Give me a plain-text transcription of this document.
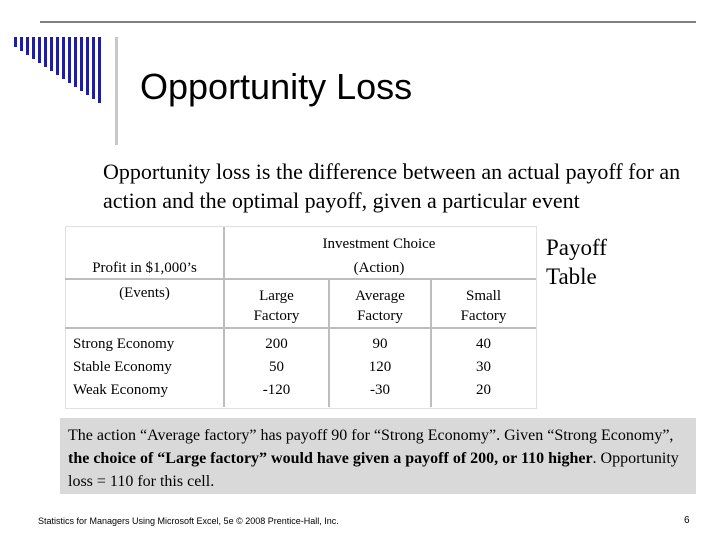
Opportunity Loss
Opportunity loss is the difference between an actual payoff for an action and the optimal payoff, given a particular event
Investment Choice
(Action)
Profit in $1,000’s
(Events)	Large
Factory
Average
Factory
Small
Factory
Strong Economy
Stable Economy
Weak Economy
200
50
-120
90
120
-30
40
30
20
Payoff
Table
The action “Average factory” has payoff 90 for “Strong Economy”. Given “Strong Economy”, the choice of “Large factory” would have given a payoff of 200, or 110 higher. Opportunity loss = 110 for this cell.
Statistics for Managers Using Microsoft Excel, 5e © 2008 Prentice-Hall, Inc.	6
